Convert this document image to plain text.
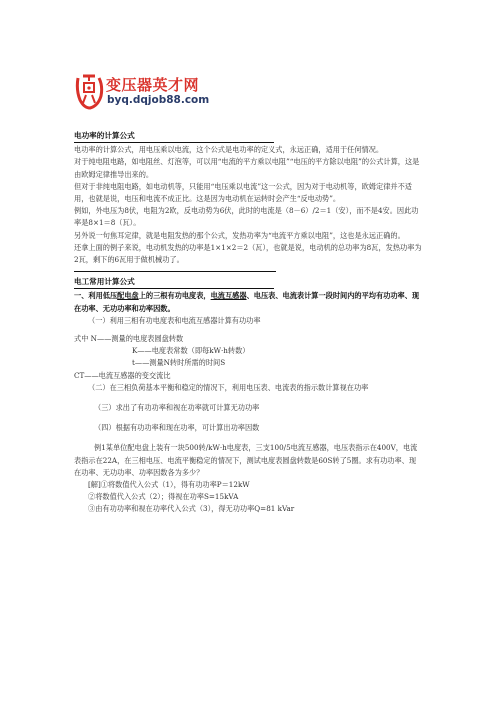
变压器英才网
byq.dqjob88.com

电功率的计算公式

电功率的计算公式，用电压乘以电流，这个公式是电功率的定义式，永远正确，适用于任何情况。

对于纯电阻电路，如电阻丝、灯泡等，可以用“电流的平方乘以电阻”“电压的平方除以电阻”的公式计算，这是由欧姆定律推导出来的。

但对于非纯电阻电路，如电动机等，只能用“电压乘以电流”这一公式，因为对于电动机等，欧姆定律并不适用，也就是说，电压和电流不成正比。这是因为电动机在运转时会产生“反电动势”。

例如，外电压为8伏，电阻为2欧，反电动势为6伏，此时的电流是（8－6）/2＝1（安），而不是4安。因此功率是8×1＝8（瓦）。

另外说一句焦耳定律，就是电阻发热的那个公式，发热功率为“电流平方乘以电阻”，这也是永远正确的。

还拿上面的例子来说，电动机发热的功率是1×1×2＝2（瓦），也就是说，电动机的总功率为8瓦，发热功率为2瓦，剩下的6瓦用于做机械功了。

电工常用计算公式

一、利用低压配电盘上的三根有功电度表，电流互感器、电压表、电流表计算一段时间内的平均有功功率、现在功率、无功功率和功率因数。

（一）利用三相有功电度表和电流互感器计算有功功率

式中 N——测量的电度表圆盘转数

K——电度表常数（即每kW·h转数）

t——测量N转时所需的时间S

CT——电流互感器的变交流比

（二）在三相负荷基本平衡和稳定的情况下，利用电压表、电流表的指示数计算视在功率

（三）求出了有功功率和视在功率就可计算无功功率

（四）根据有功功率和现在功率，可计算出功率因数

例1某单位配电盘上装有一块500转/kW·h电度表，三支100/5电流互感器，电压表指示在400V，电流表指示在22A，在三相电压、电流平衡稳定的情况下，测试电度表圆盘转数是60S转了5圈。求有功功率、现在功率、无功功率、功率因数各为多少？

[解]①将数值代入公式（1），得有功功率P＝12kW

②将数值代入公式（2）；得视在功率S=15kVA

③由有功功率和视在功率代入公式（3），得无功功率Q=81 kVar
